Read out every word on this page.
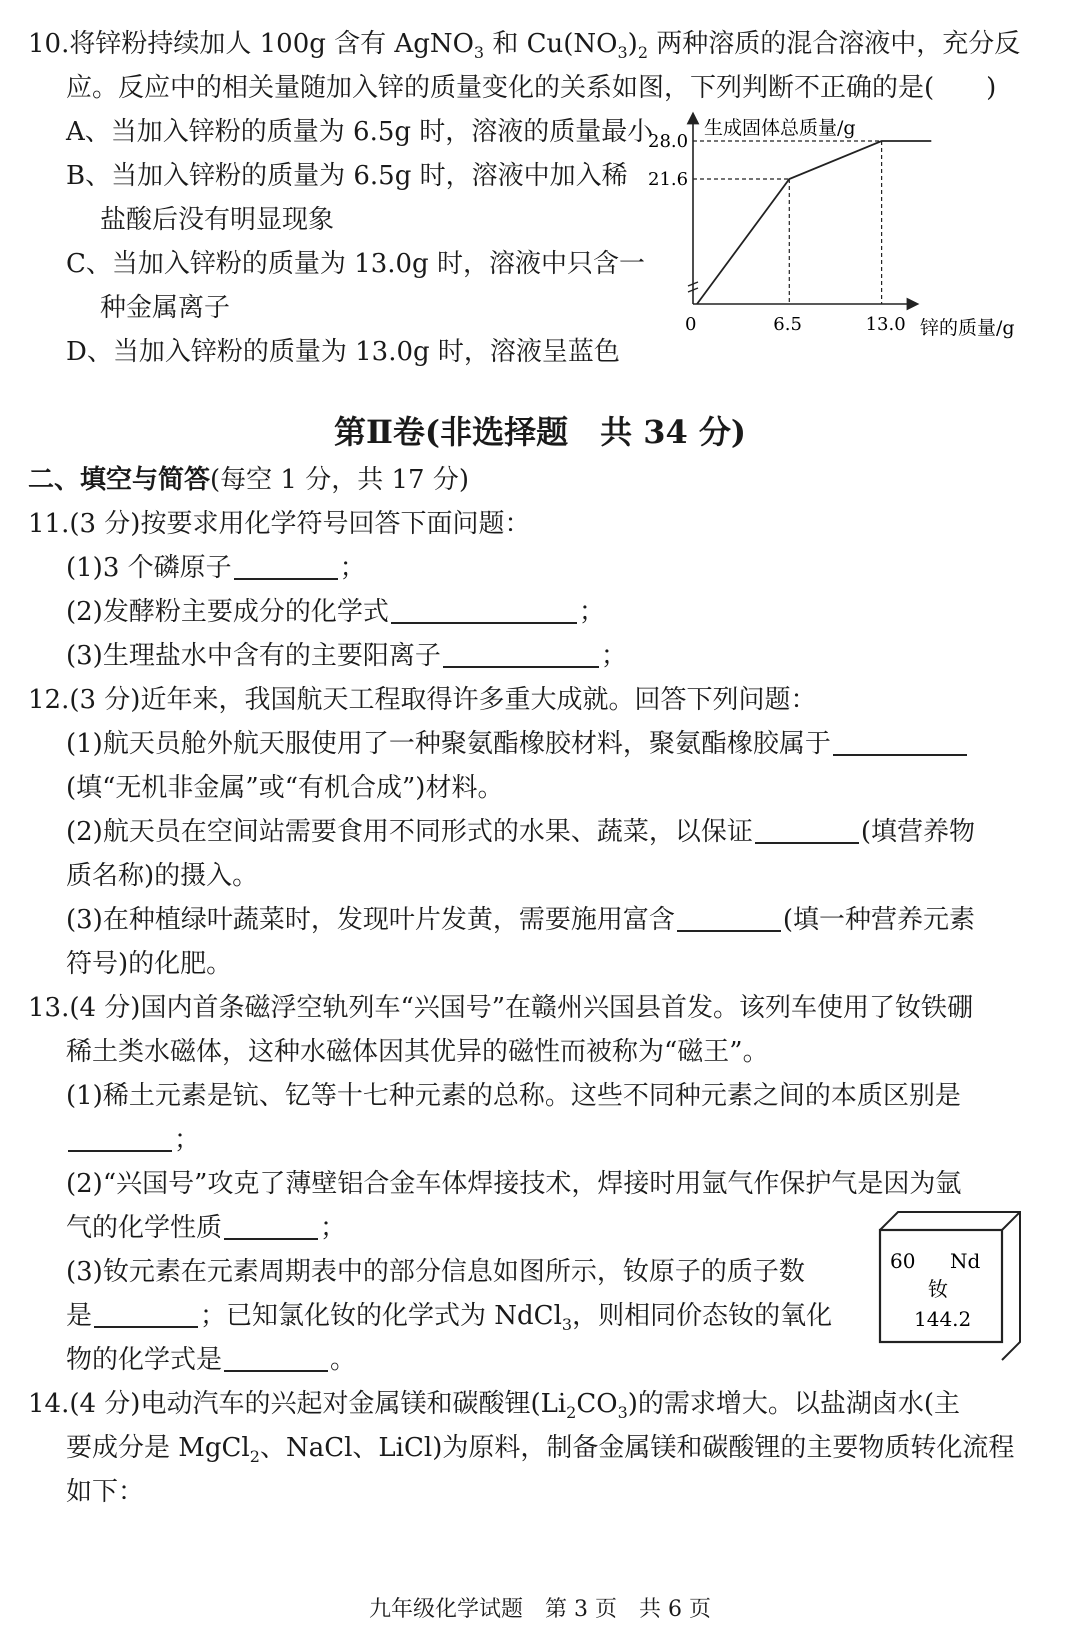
10.将锌粉持续加人 100g 含有 AgNO$_3$ 和 $Cu(NO_3)_2$ 两种溶质的混合溶液中，充分反
应。反应中的相关量随加入锌的质量变化的关系如图，下列判断不正确的是(　　)
A、当加入锌粉的质量为 6.5g 时，溶液的质量最小
B、当加入锌粉的质量为 6.5g 时，溶液中加入稀
盐酸后没有明显现象
C、当加入锌粉的质量为 13.0g 时，溶液中只含一
种金属离子
D、当加入锌粉的质量为 13.0g 时，溶液呈蓝色
0	6.5	13.0
21.6
28.0
生成固体总质量/g
锌的质量/g
第Ⅱ卷(非选择题　共 34 分)
二、填空与简答(每空 1 分，共 17 分)
11.(3 分)按要求用化学符号回答下面问题：
(1)3 个磷原子	；
(2)发酵粉主要成分的化学式	；
(3)生理盐水中含有的主要阳离子	；
12.(3 分)近年来，我国航天工程取得许多重大成就。回答下列问题：
(1)航天员舱外航天服使用了一种聚氨酯橡胶材料，聚氨酯橡胶属于
(填“无机非金属”或“有机合成”)材料。
(2)航天员在空间站需要食用不同形式的水果、蔬菜，以保证	(填营养物
质名称)的摄入。
(3)在种植绿叶蔬菜时，发现叶片发黄，需要施用富含	(填一种营养元素
符号)的化肥。
13.(4 分)国内首条磁浮空轨列车“兴国号”在赣州兴国县首发。该列车使用了钕铁硼
稀土类水磁体，这种水磁体因其优异的磁性而被称为“磁王”。
(1)稀土元素是钪、钇等十七种元素的总称。这些不同种元素之间的本质区别是
；
(2)“兴国号”攻克了薄壁铝合金车体焊接技术，焊接时用氩气作保护气是因为氩
气的化学性质	；
(3)钕元素在元素周期表中的部分信息如图所示，钕原子的质子数
是	；已知氯化钕的化学式为 NdCl$_3$，则相同价态钕的氧化
物的化学式是	。
60 Nd
钕
144.2
14.(4 分)电动汽车的兴起对金属镁和碳酸锂$(Li_2CO_3)$的需求增大。以盐湖卤水(主
要成分是 MgCl$_2$、NaCl、LiCl)为原料，制备金属镁和碳酸锂的主要物质转化流程
如下：
九年级化学试题　第 3 页　共 6 页
